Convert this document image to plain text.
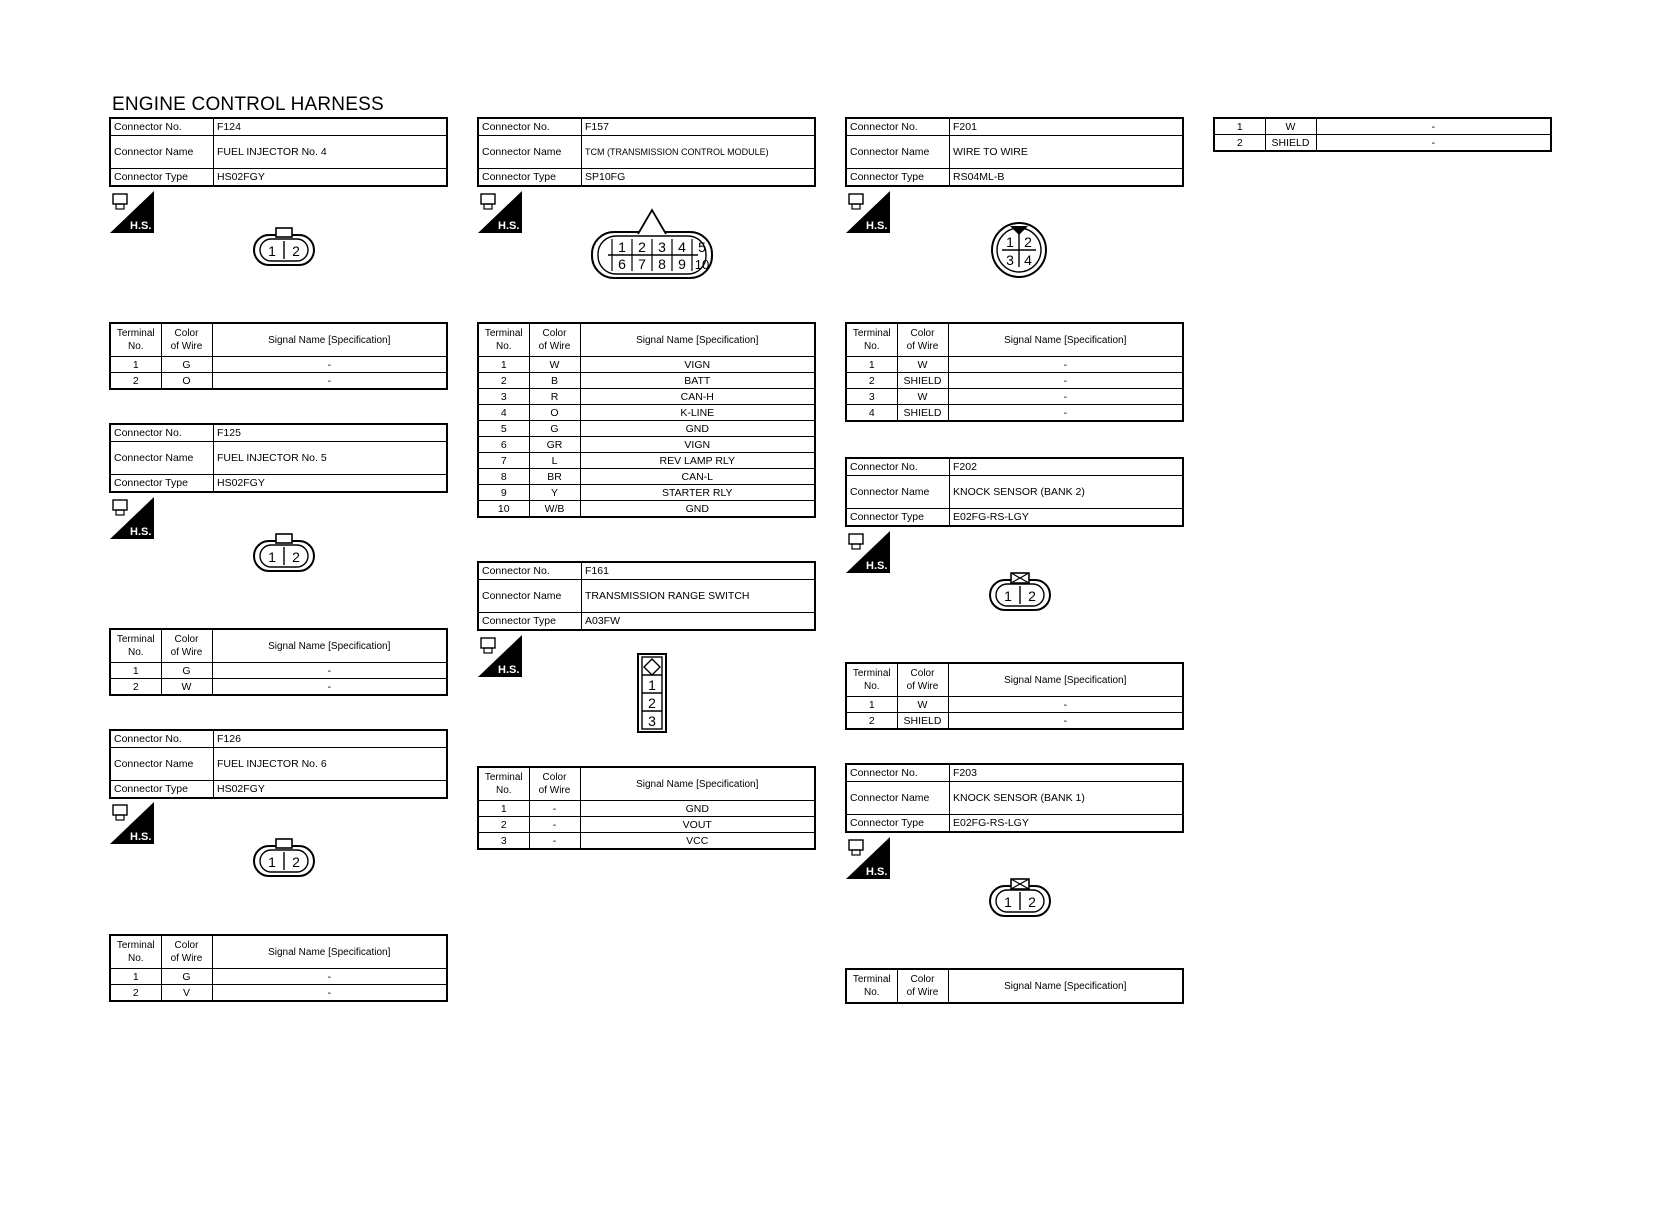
ENGINE CONTROL HARNESS
Connector No.	F124
Connector Name	FUEL INJECTOR No. 4
Connector Type	HS02FGY
H.S.
1 2
Terminal
No.	Color
of Wire	Signal Name [Specification]
1	G	-
2	O	-
Connector No.	F125
Connector Name	FUEL INJECTOR No. 5
Connector Type	HS02FGY
H.S.
1 2
Terminal
No.	Color
of Wire	Signal Name [Specification]
1	G	-
2	W	-
Connector No.	F126
Connector Name	FUEL INJECTOR No. 6
Connector Type	HS02FGY
H.S.
1 2
Terminal
No.	Color
of Wire	Signal Name [Specification]
1	G	-
2	V	-
Connector No.	F157
Connector Name	TCM (TRANSMISSION CONTROL MODULE)
Connector Type	SP10FG
H.S.
1 2 3 4 5
6 7 8 9 10
Terminal
No.	Color
of Wire	Signal Name [Specification]
1	W	VIGN
2	B	BATT
3	R	CAN-H
4	O	K-LINE
5	G	GND
6	GR	VIGN
7	L	REV LAMP RLY
8	BR	CAN-L
9	Y	STARTER RLY
10	W/B	GND
Connector No.	F161
Connector Name	TRANSMISSION RANGE SWITCH
Connector Type	A03FW
H.S.
1
2
3
Terminal
No.	Color
of Wire	Signal Name [Specification]
1	-	GND
2	-	VOUT
3	-	VCC
Connector No.	F201
Connector Name	WIRE TO WIRE
Connector Type	RS04ML-B
H.S.
1 2
3 4
Terminal
No.	Color
of Wire	Signal Name [Specification]
1	W	-
2	SHIELD	-
3	W	-
4	SHIELD	-
Connector No.	F202
Connector Name	KNOCK SENSOR (BANK 2)
Connector Type	E02FG-RS-LGY
H.S.
1 2
Terminal
No.	Color
of Wire	Signal Name [Specification]
1	W	-
2	SHIELD	-
Connector No.	F203
Connector Name	KNOCK SENSOR (BANK 1)
Connector Type	E02FG-RS-LGY
H.S.
1 2
Terminal
No.	Color
of Wire	Signal Name [Specification]
1	W	-
2	SHIELD	-
